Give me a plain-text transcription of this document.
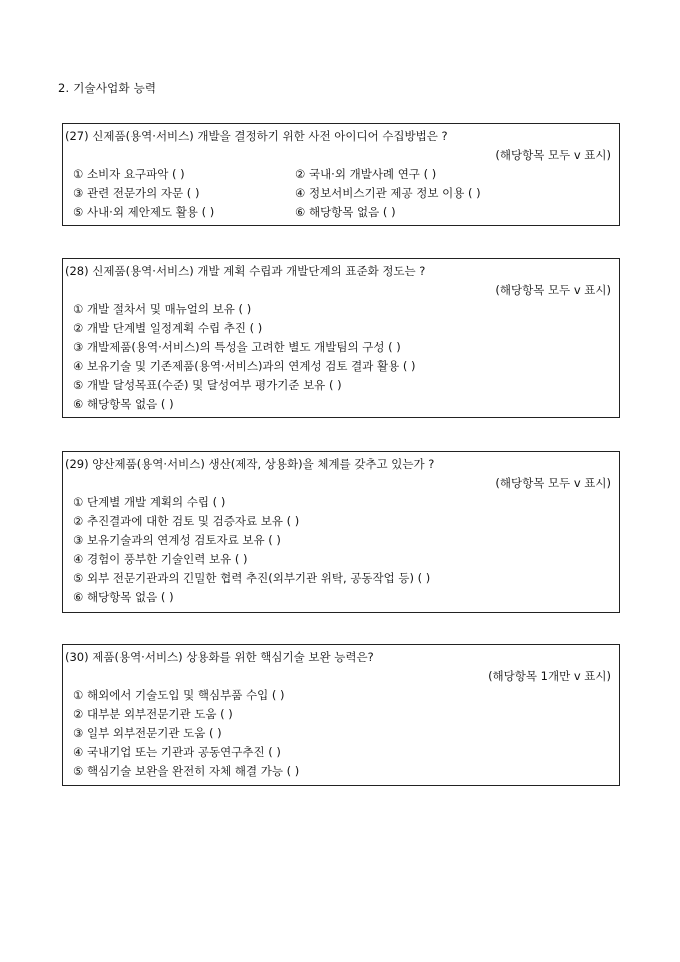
2. 기술사업화 능력
(27) 신제품(용역·서비스) 개발을 결정하기 위한 사전 아이디어 수집방법은 ?
(해당항목 모두 v 표시)
① 소비자 요구파악 ( )	② 국내·외 개발사례 연구 ( )
③ 관련 전문가의 자문 ( )	④ 정보서비스기관 제공 정보 이용 ( )
⑤ 사내·외 제안제도 활용 ( )	⑥ 해당항목 없음 ( )
(28) 신제품(용역·서비스) 개발 계획 수립과 개발단계의 표준화 정도는 ?
(해당항목 모두 v 표시)
① 개발 절차서 및 매뉴얼의 보유 ( )
② 개발 단계별 일정계획 수립 추진 ( )
③ 개발제품(용역·서비스)의 특성을 고려한 별도 개발팀의 구성 ( )
④ 보유기술 및 기존제품(용역·서비스)과의 연계성 검토 결과 활용 ( )
⑤ 개발 달성목표(수준) 및 달성여부 평가기준 보유 ( )
⑥ 해당항목 없음 ( )
(29) 양산제품(용역·서비스) 생산(제작, 상용화)을 체계를 갖추고 있는가 ?
(해당항목 모두 v 표시)
① 단계별 개발 계획의 수립 ( )
② 추진결과에 대한 검토 및 검증자료 보유 ( )
③ 보유기술과의 연계성 검토자료 보유 ( )
④ 경험이 풍부한 기술인력 보유 ( )
⑤ 외부 전문기관과의 긴밀한 협력 추진(외부기관 위탁, 공동작업 등) ( )
⑥ 해당항목 없음 ( )
(30) 제품(용역·서비스) 상용화를 위한 핵심기술 보완 능력은?
(해당항목 1개만 v 표시)
① 해외에서 기술도입 및 핵심부품 수입 ( )
② 대부분 외부전문기관 도움 ( )
③ 일부 외부전문기관 도움 ( )
④ 국내기업 또는 기관과 공동연구추진 ( )
⑤ 핵심기술 보완을 완전히 자체 해결 가능 ( )
